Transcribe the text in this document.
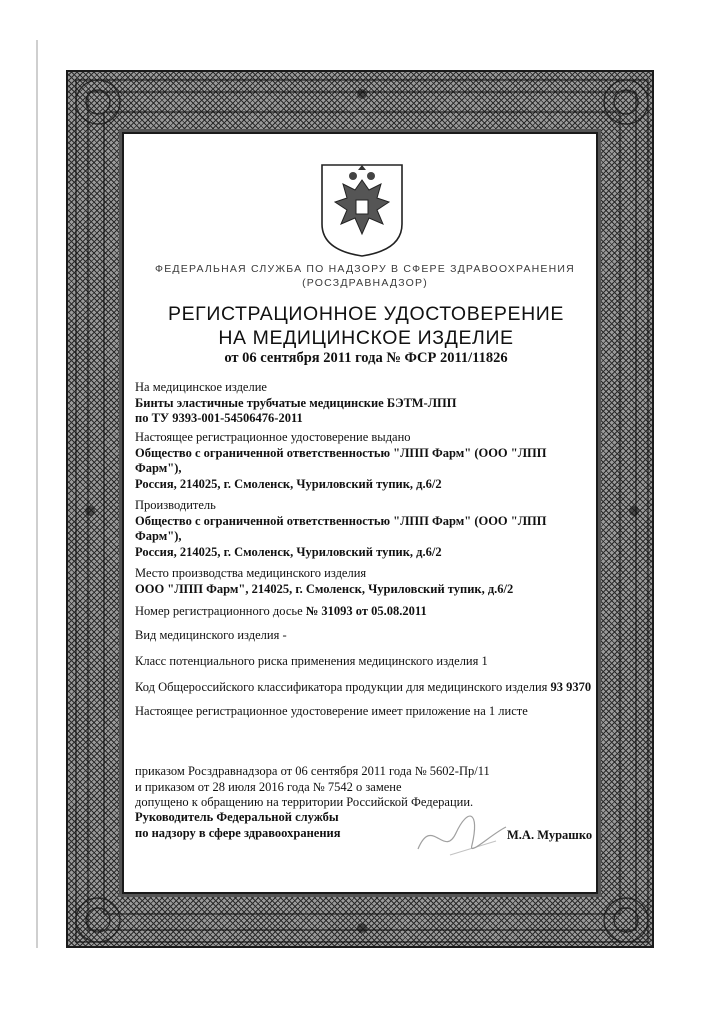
ФЕДЕРАЛЬНАЯ СЛУЖБА ПО НАДЗОРУ В СФЕРЕ ЗДРАВООХРАНЕНИЯ
(РОСЗДРАВНАДЗОР)
РЕГИСТРАЦИОННОЕ УДОСТОВЕРЕНИЕ
НА МЕДИЦИНСКОЕ ИЗДЕЛИЕ
от 06 сентября 2011 года № ФСР 2011/11826
На медицинское изделие
Бинты эластичные трубчатые медицинские БЭТМ-ЛПП
по ТУ 9393-001-54506476-2011
Настоящее регистрационное удостоверение выдано
Общество с ограниченной ответственностью "ЛПП Фарм" (ООО "ЛПП Фарм"),
Россия, 214025, г. Смоленск, Чуриловский тупик, д.6/2
Производитель
Общество с ограниченной ответственностью "ЛПП Фарм" (ООО "ЛПП Фарм"),
Россия, 214025, г. Смоленск, Чуриловский тупик, д.6/2
Место производства медицинского изделия
ООО "ЛПП Фарм", 214025, г. Смоленск, Чуриловский тупик, д.6/2
Номер регистрационного досье № 31093 от 05.08.2011
Вид медицинского изделия -
Класс потенциального риска применения медицинского изделия 1
Код Общероссийского классификатора продукции для медицинского изделия 93 9370
Настоящее регистрационное удостоверение имеет приложение на 1 листе
приказом Росздравнадзора от 06 сентября 2011 года № 5602-Пр/11
и приказом от 28 июля 2016 года № 7542 о замене
допущено к обращению на территории Российской Федерации.
Руководитель Федеральной службы
по надзору в сфере здравоохранения	М.А. Мурашко
